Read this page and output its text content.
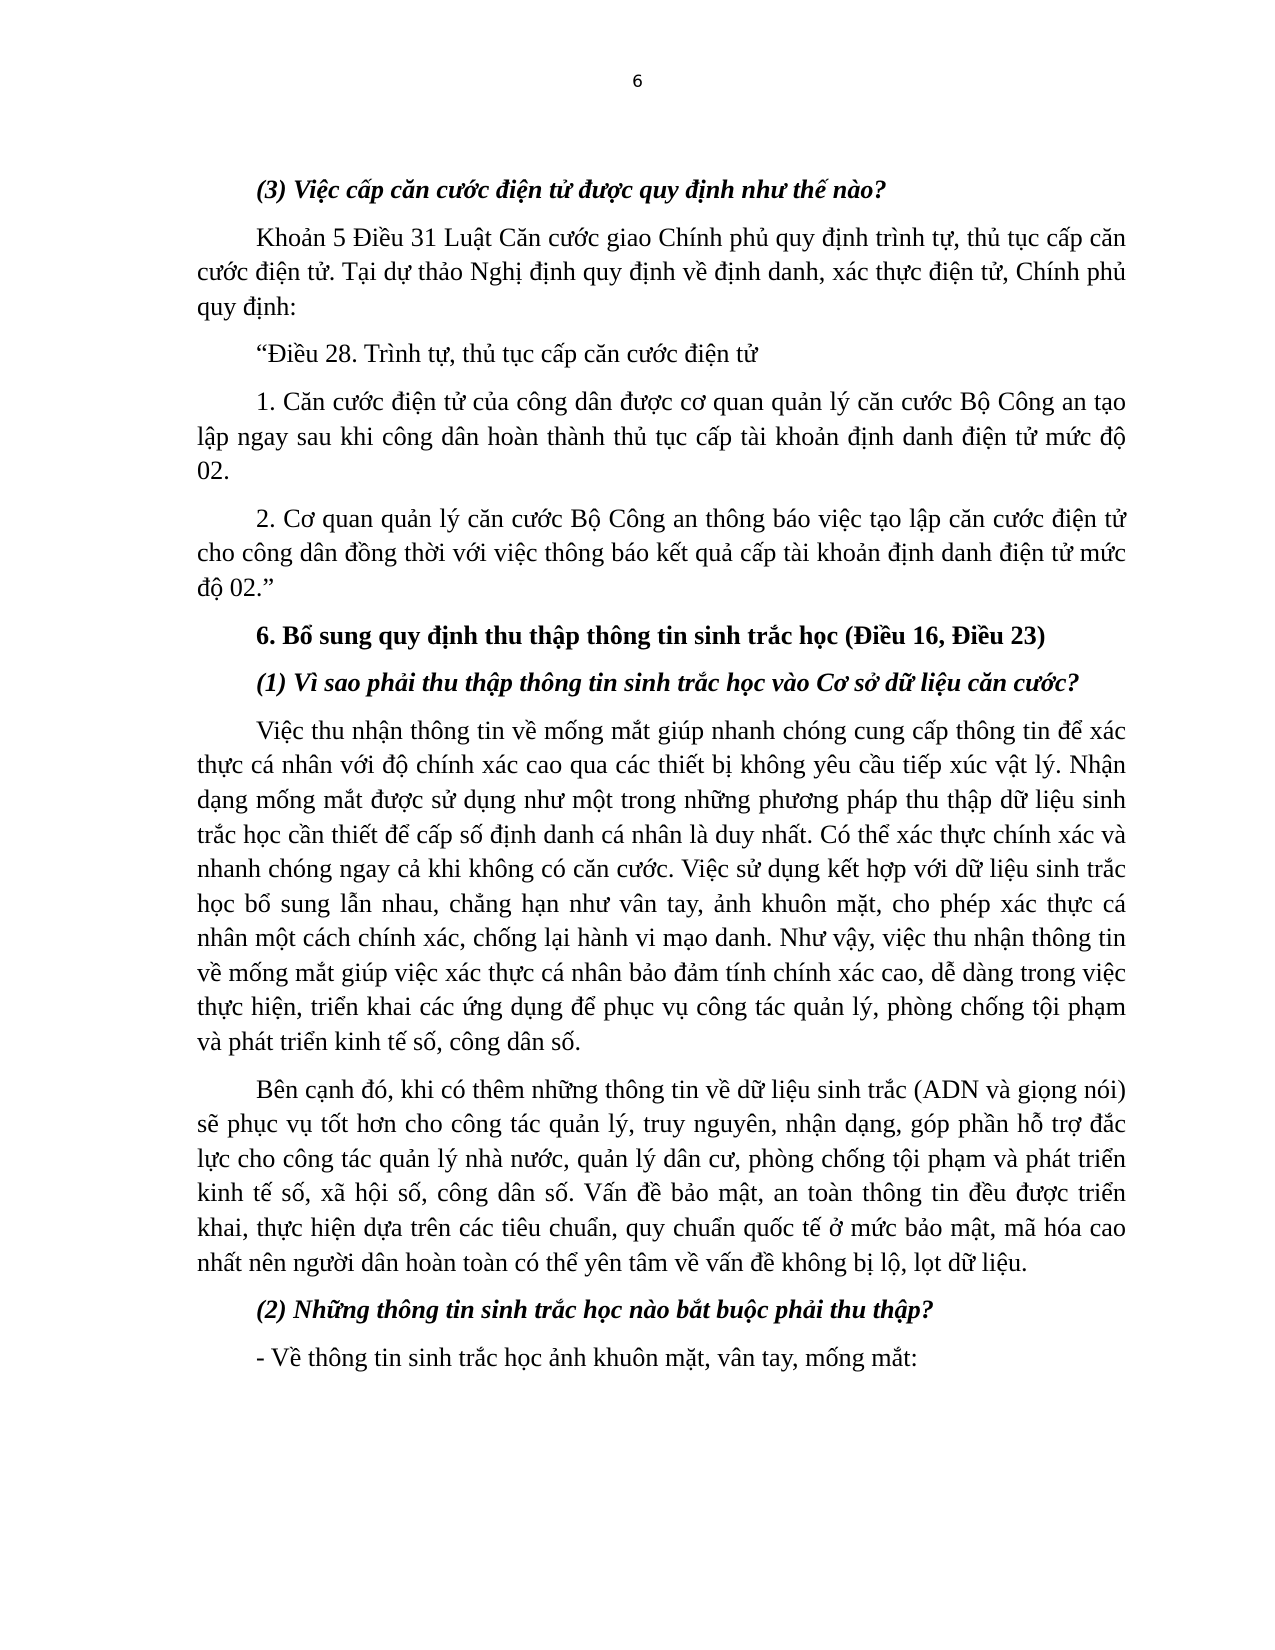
6

(3) Việc cấp căn cước điện tử được quy định như thế nào?

Khoản 5 Điều 31 Luật Căn cước giao Chính phủ quy định trình tự, thủ tục cấp căn cước điện tử. Tại dự thảo Nghị định quy định về định danh, xác thực điện tử, Chính phủ quy định:

“Điều 28. Trình tự, thủ tục cấp căn cước điện tử

1. Căn cước điện tử của công dân được cơ quan quản lý căn cước Bộ Công an tạo lập ngay sau khi công dân hoàn thành thủ tục cấp tài khoản định danh điện tử mức độ 02.

2. Cơ quan quản lý căn cước Bộ Công an thông báo việc tạo lập căn cước điện tử cho công dân đồng thời với việc thông báo kết quả cấp tài khoản định danh điện tử mức độ 02.”

6. Bổ sung quy định thu thập thông tin sinh trắc học (Điều 16, Điều 23)

(1) Vì sao phải thu thập thông tin sinh trắc học vào Cơ sở dữ liệu căn cước?

Việc thu nhận thông tin về mống mắt giúp nhanh chóng cung cấp thông tin để xác thực cá nhân với độ chính xác cao qua các thiết bị không yêu cầu tiếp xúc vật lý. Nhận dạng mống mắt được sử dụng như một trong những phương pháp thu thập dữ liệu sinh trắc học cần thiết để cấp số định danh cá nhân là duy nhất. Có thể xác thực chính xác và nhanh chóng ngay cả khi không có căn cước. Việc sử dụng kết hợp với dữ liệu sinh trắc học bổ sung lẫn nhau, chẳng hạn như vân tay, ảnh khuôn mặt, cho phép xác thực cá nhân một cách chính xác, chống lại hành vi mạo danh. Như vậy, việc thu nhận thông tin về mống mắt giúp việc xác thực cá nhân bảo đảm tính chính xác cao, dễ dàng trong việc thực hiện, triển khai các ứng dụng để phục vụ công tác quản lý, phòng chống tội phạm và phát triển kinh tế số, công dân số.

Bên cạnh đó, khi có thêm những thông tin về dữ liệu sinh trắc (ADN và giọng nói) sẽ phục vụ tốt hơn cho công tác quản lý, truy nguyên, nhận dạng, góp phần hỗ trợ đắc lực cho công tác quản lý nhà nước, quản lý dân cư, phòng chống tội phạm và phát triển kinh tế số, xã hội số, công dân số. Vấn đề bảo mật, an toàn thông tin đều được triển khai, thực hiện dựa trên các tiêu chuẩn, quy chuẩn quốc tế ở mức bảo mật, mã hóa cao nhất nên người dân hoàn toàn có thể yên tâm về vấn đề không bị lộ, lọt dữ liệu.

(2) Những thông tin sinh trắc học nào bắt buộc phải thu thập?

- Về thông tin sinh trắc học ảnh khuôn mặt, vân tay, mống mắt:
